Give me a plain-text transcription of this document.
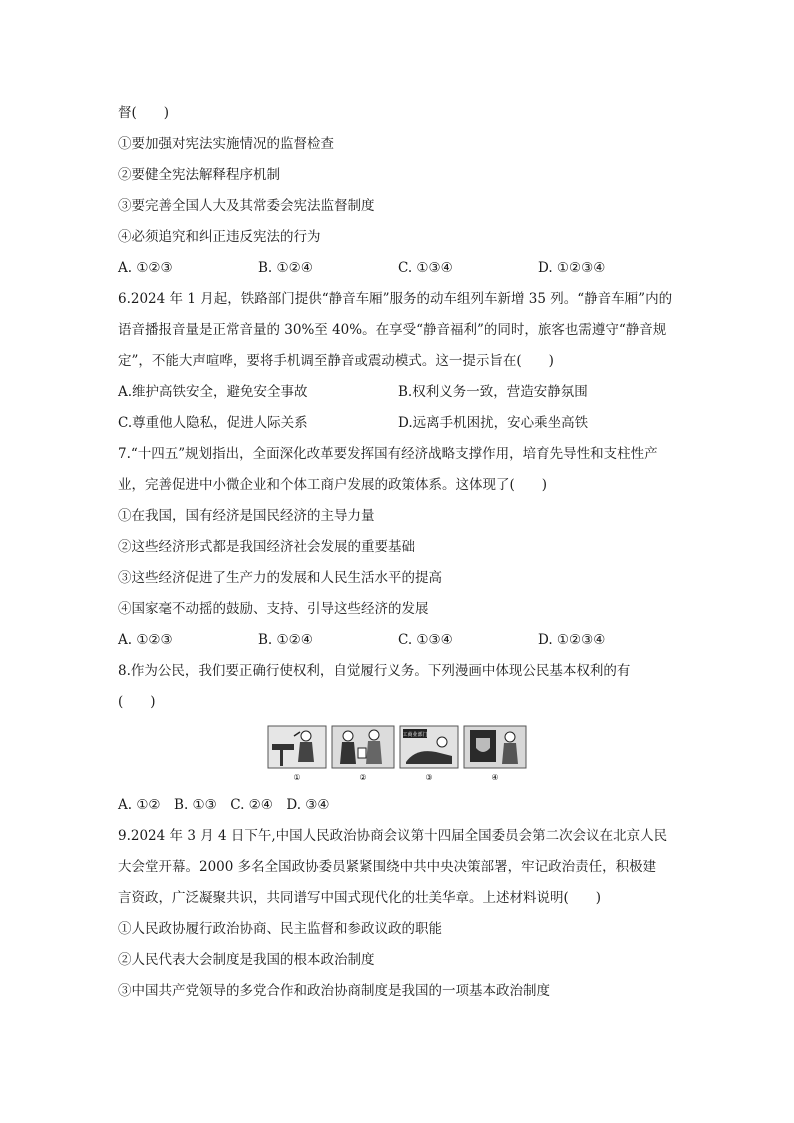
督(　　)
①要加强对宪法实施情况的监督检查
②要健全宪法解释程序机制
③要完善全国人大及其常委会宪法监督制度
④必须追究和纠正违反宪法的行为
A. ①②③	B. ①②④	C. ①③④	D. ①②③④
6.2024 年 1 月起，铁路部门提供“静音车厢”服务的动车组列车新增 35 列。“静音车厢”内的
语音播报音量是正常音量的 30%至 40%。在享受“静音福利”的同时，旅客也需遵守“静音规
定”，不能大声喧哗，要将手机调至静音或震动模式。这一提示旨在(　　)
A.维护高铁安全，避免安全事故	B.权利义务一致，营造安静氛围
C.尊重他人隐私，促进人际关系	D.远离手机困扰，安心乘坐高铁
7.“十四五”规划指出，全面深化改革要发挥国有经济战略支撑作用，培育先导性和支柱性产
业，完善促进中小微企业和个体工商户发展的政策体系。这体现了(　　)
①在我国，国有经济是国民经济的主导力量
②这些经济形式都是我国经济社会发展的重要基础
③这些经济促进了生产力的发展和人民生活水平的提高
④国家毫不动摇的鼓励、支持、引导这些经济的发展
A. ①②③	B. ①②④	C. ①③④	D. ①②③④
8.作为公民，我们要正确行使权利，自觉履行义务。下列漫画中体现公民基本权利的有
(　　)
工商业部门
①	②	③	④
A. ①②　B. ①③　C. ②④　D. ③④
9.2024 年 3 月 4 日下午,中国人民政治协商会议第十四届全国委员会第二次会议在北京人民
大会堂开幕。2000 多名全国政协委员紧紧围绕中共中央决策部署，牢记政治责任，积极建
言资政，广泛凝聚共识，共同谱写中国式现代化的壮美华章。上述材料说明(　　)
①人民政协履行政治协商、民主监督和参政议政的职能
②人民代表大会制度是我国的根本政治制度
③中国共产党领导的多党合作和政治协商制度是我国的一项基本政治制度
